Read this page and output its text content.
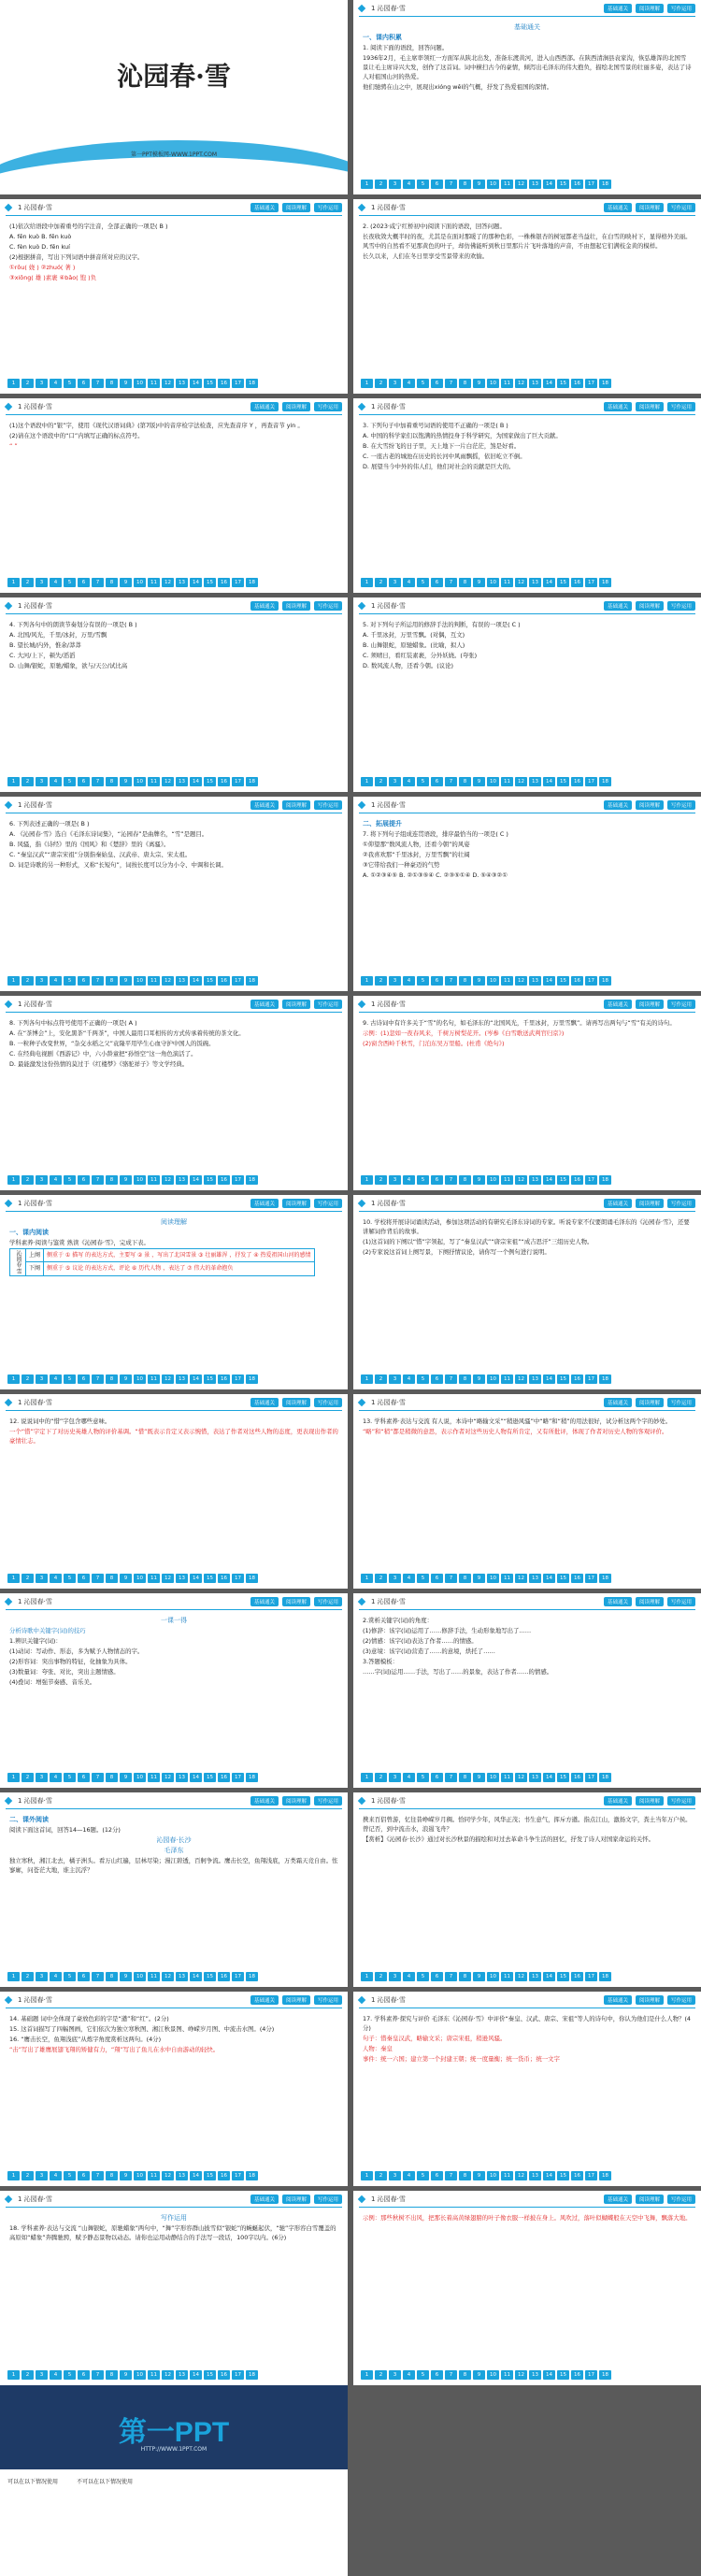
沁园春·雪
第一PPT模板网-WWW.1PPT.COM
第一PPT
HTTP://WWW.1PPT.COM
可以在以下情况使用	不可以在以下情况使用
1 沁园春·雪	基础通关	阅读理解	写作运用

基础通关

一、课内积累

1. 阅读下面的语段，回答问题。

1936年2月，毛主席率领红一方面军从陕北出发，准备东渡黄河，进入山西西部。在陕西清涧县袁家沟，恢弘雄浑的北国雪景让毛主席诗兴大发，创作了这首词。词中横扫古今的豪情，倾泻出毛泽东的伟大抱负，描绘北国雪景的壮丽多姿，表达了诗人对祖国山河的热爱。

他们驰骋在山之中，展现出xióng wěi的气概，抒发了热爱祖国的深情。

1	2	3	4	5	6	7	8	9	10	11	12	13	14	15	16	17	18
1 沁园春·雪	基础通关	阅读理解	写作运用

(1)依次给语段中加着重号的字注音，全部正确的一项是( B )

A. fēn kuò B. fēn kuò

C. fèn kuò D. fēn kuí

(2)根据拼音，写出下列词语中拼音所对应的汉字。

①rǒu( 娆 ) ②zhuó( 著 )

③xiōng( 雄 )素裹 ④bǎo( 饱 )负

1	2	3	4	5	6	7	8	9	10	11	12	13	14	15	16	17	18
1 沁园春·雪	基础通关	阅读理解	写作运用

2. (2023·咸宁红桥初中)阅读下面的语段，回答问题。

长夜收敛大概半时的夜，尤其是在面对那暖了的那种色彩，一株株银杏的树冠都老当益壮，在白雪的映衬下，显得格外美丽。风雪中的自然看不见那黄色的叶子，却仿佛能听到秋日里那片片飞叶落地的声音，不由想起它们满枝金黄的模样。

长久以来，人们在冬日里享受雪景带来的欢愉。

1	2	3	4	5	6	7	8	9	10	11	12	13	14	15	16	17	18
1 沁园春·雪	基础通关	阅读理解	写作运用

(1)这个语段中的“银”字，使用《现代汉语词典》(第7版)中的音序检字法检查，应先查音序 Y ，再查音节 yin 。

(2)请在这个语段中的“口”内填写正确的标点符号。

“ ”

1	2	3	4	5	6	7	8	9	10	11	12	13	14	15	16	17	18
1 沁园春·雪	基础通关	阅读理解	写作运用

3. 下列句子中加着重号词语的使用不正确的一项是( B )

A. 中国的科学家们以饱满的热情投身于科学研究，为国家做出了巨大贡献。

B. 在大雪纷飞的日子里，天上地下一片白茫茫，煞是好看。

C. 一座古老的城池在历史的长河中风雨飘摇，依旧屹立不倒。

D. 展望当今中外的伟人们，他们对社会的贡献是巨大的。

1	2	3	4	5	6	7	8	9	10	11	12	13	14	15	16	17	18
1 沁园春·雪	基础通关	阅读理解	写作运用

4. 下列各句中的朗读节奏划分有误的一项是( B )

A. 北国/风光，千里/冰封，万里/雪飘

B. 望长城/内外，惟余/莽莽

C. 大河/上下，顿失/滔滔

D. 山舞/银蛇，原驰/蜡象，欲与/天公/试比高

1	2	3	4	5	6	7	8	9	10	11	12	13	14	15	16	17	18
1 沁园春·雪	基础通关	阅读理解	写作运用

5. 对下列句子所运用的修辞手法的判断，有误的一项是( C )

A. 千里冰封，万里雪飘。(对偶，互文)

B. 山舞银蛇，原驰蜡象。(比喻，拟人)

C. 须晴日，看红装素裹，分外妖娆。(夸张)

D. 数风流人物，还看今朝。(议论)

1	2	3	4	5	6	7	8	9	10	11	12	13	14	15	16	17	18
1 沁园春·雪	基础通关	阅读理解	写作运用

6. 下列表述正确的一项是( B )

A. 《沁园春·雪》选自《毛泽东诗词集》，“沁园春”是曲牌名，“雪”是题目。

B. 风骚，指《诗经》里的《国风》和《楚辞》里的《离骚》。

C. “秦皇汉武”“唐宗宋祖”分别指秦始皇、汉武帝、唐太宗、宋太祖。

D. 词是诗歌的另一种形式，又称“长短句”，词按长度可以分为小令、中调和长调。

1	2	3	4	5	6	7	8	9	10	11	12	13	14	15	16	17	18
1 沁园春·雪	基础通关	阅读理解	写作运用

二、拓展提升

7. 将下列句子组成连贯语段，排序最恰当的一项是( C )

①仰望那“数风流人物，还看今朝”的风姿

②我喜欢那“千里冰封，万里雪飘”的壮阔

③它带给我们一种豪迈的气势

A. ①②③④⑤ B. ②①③⑤④ C. ②③⑤①④ D. ⑤④③②①

1	2	3	4	5	6	7	8	9	10	11	12	13	14	15	16	17	18
1 沁园春·雪	基础通关	阅读理解	写作运用

8. 下列各句中标点符号使用不正确的一项是( A )

A. 在“茶博会”上，安化黑茶“千两茶”，中国人最用口耳相传的方式传承着传统的茶文化。

B. 一粒种子改变世界，“杂交水稻之父”袁隆平用毕生心血守护中国人的饭碗。

C. 在经典电视剧《西游记》中，六小龄童把“孙悟空”这一角色演活了。

D. 最能激发这份热情的莫过于《红楼梦》《骆驼祥子》等文学经典。

1	2	3	4	5	6	7	8	9	10	11	12	13	14	15	16	17	18
1 沁园春·雪	基础通关	阅读理解	写作运用

9. 古诗词中有许多关于“雪”的名句，如毛泽东的“北国风光，千里冰封，万里雪飘”。请再写出两句与“雪”有关的诗句。

示例：(1)忽如一夜春风来，千树万树梨花开。(岑参《白雪歌送武判官归京》)

(2)窗含西岭千秋雪，门泊东吴万里船。(杜甫《绝句》)

1	2	3	4	5	6	7	8	9	10	11	12	13	14	15	16	17	18
1 沁园春·雪	基础通关	阅读理解	写作运用

阅读理解

一、课内阅读

学科素养·阅读与鉴赏 熟读《沁园春·雪》，完成下表。

沁园春·雪	上阕	侧重于 ① 描写 的表达方式，主要写 ② 景 ，写出了北国雪景 ③ 壮丽雄浑 ，抒发了 ④ 热爱祖国山河的感情
	下阕	侧重于 ⑤ 议论 的表达方式，评论 ⑥ 历代人物 ，表达了 ⑦ 伟大的革命抱负
1	2	3	4	5	6	7	8	9	10	11	12	13	14	15	16	17	18
1 沁园春·雪	基础通关	阅读理解	写作运用

10. 学校将开展诗词诵读活动，参加这项活动的有研究毛泽东诗词的专家。听说专家不仅要朗诵毛泽东的《沁园春·雪》，还要讲解词作背后的故事。

(1)这首词的下阕以“惜”字领起，写了“秦皇汉武”“唐宗宋祖”“成吉思汗”三组历史人物。

(2)专家说这首词上阕写景，下阕抒情议论，请你写一个例句进行说明。

1	2	3	4	5	6	7	8	9	10	11	12	13	14	15	16	17	18
1 沁园春·雪	基础通关	阅读理解	写作运用

12. 说说词中的“惜”字包含哪些意味。

一个“惜”字定下了对历史英雄人物的评价基调。“惜”既表示肯定又表示惋惜，表达了作者对这些人物的态度，更表现出作者的豪情壮志。

1	2	3	4	5	6	7	8	9	10	11	12	13	14	15	16	17	18
1 沁园春·雪	基础通关	阅读理解	写作运用

13. 学科素养·表达与交流 有人说，本诗中“略输文采”“稍逊风骚”中“略”和“稍”的用法很好，试分析这两个字的妙处。

“略”和“稍”都是稍微的意思，表示作者对这些历史人物有所肯定，又有所批评，体现了作者对历史人物的客观评价。

1	2	3	4	5	6	7	8	9	10	11	12	13	14	15	16	17	18
1 沁园春·雪	基础通关	阅读理解	写作运用

一课一得

分析诗歌中关键字(词)的技巧

1.辨识关键字(词)：

(1)动词：写动作、形态，多为赋予人物情态的字。

(2)形容词：突出事物的特征，化抽象为具体。

(3)数量词：夸张、对比，突出主题情感。

(4)叠词：增强节奏感、音乐美。

1	2	3	4	5	6	7	8	9	10	11	12	13	14	15	16	17	18
1 沁园春·雪	基础通关	阅读理解	写作运用

2.赏析关键字(词)的角度：

(1)修辞：该字(词)运用了……修辞手法，生动形象地写出了……

(2)情感：该字(词)表达了作者……的情感。

(3)意境：该字(词)营造了……的意境，烘托了……

3.答题模板：

……字(词)运用……手法，写出了……的景象，表达了作者……的情感。

1	2	3	4	5	6	7	8	9	10	11	12	13	14	15	16	17	18
1 沁园春·雪	基础通关	阅读理解	写作运用

二、课外阅读

阅读下面这首词，回答14—16题。(12分)

沁园春·长沙

毛泽东

独立寒秋，湘江北去，橘子洲头。看万山红遍，层林尽染；漫江碧透，百舸争流。鹰击长空，鱼翔浅底，万类霜天竞自由。怅寥廓，问苍茫大地，谁主沉浮？

1	2	3	4	5	6	7	8	9	10	11	12	13	14	15	16	17	18
1 沁园春·雪	基础通关	阅读理解	写作运用

携来百侣曾游，忆往昔峥嵘岁月稠。恰同学少年，风华正茂；书生意气，挥斥方遒。指点江山，激扬文字，粪土当年万户侯。曾记否，到中流击水，浪遏飞舟？

【赏析】《沁园春·长沙》通过对长沙秋景的描绘和对过去革命斗争生活的回忆，抒发了诗人对国家命运的关怀。

1	2	3	4	5	6	7	8	9	10	11	12	13	14	15	16	17	18
1 沁园春·雪	基础通关	阅读理解	写作运用

14. 基础题 词中全体现了豪放色彩的字是“遒”和“红”。(2分)

15. 这首词描写了四幅图画，它们依次为独立寒秋图、湘江秋景图、峥嵘岁月图、中流击水图。(4分)

16. “鹰击长空，鱼翔浅底”从炼字角度赏析这两句。(4分)

“击”写出了雄鹰展翅飞翔的矫健有力，“翔”写出了鱼儿在水中自由游动的轻快。

1	2	3	4	5	6	7	8	9	10	11	12	13	14	15	16	17	18
1 沁园春·雪	基础通关	阅读理解	写作运用

17. 学科素养·探究与评价 毛泽东《沁园春·雪》中评价“秦皇、汉武、唐宗、宋祖”等人的诗句中，你认为他们是什么人物？(4分)

句子：惜秦皇汉武，略输文采；唐宗宋祖，稍逊风骚。

人物：秦皇

事件：统一六国；建立第一个封建王朝；统一度量衡；统一货币；统一文字

1	2	3	4	5	6	7	8	9	10	11	12	13	14	15	16	17	18
1 沁园春·雪	基础通关	阅读理解	写作运用

写作运用

18. 学科素养·表达与交流 “山舞银蛇，原驰蜡象”两句中，“舞”字形容群山披雪似“银蛇”的蜿蜒起伏，“驰”字形容白雪覆盖的高原如“蜡象”奔腾驰骋，赋予静态景物以动态。请你也运用动静结合的手法写一段话，100字以内。(6分)

1	2	3	4	5	6	7	8	9	10	11	12	13	14	15	16	17	18
1 沁园春·雪	基础通关	阅读理解	写作运用

示例：那些秋树不出风，把那长着高黄绿翅膀的叶子像衣服一样披在身上。风吹过，落叶似蝴蝶般在天空中飞舞，飘落大地。

1	2	3	4	5	6	7	8	9	10	11	12	13	14	15	16	17	18
